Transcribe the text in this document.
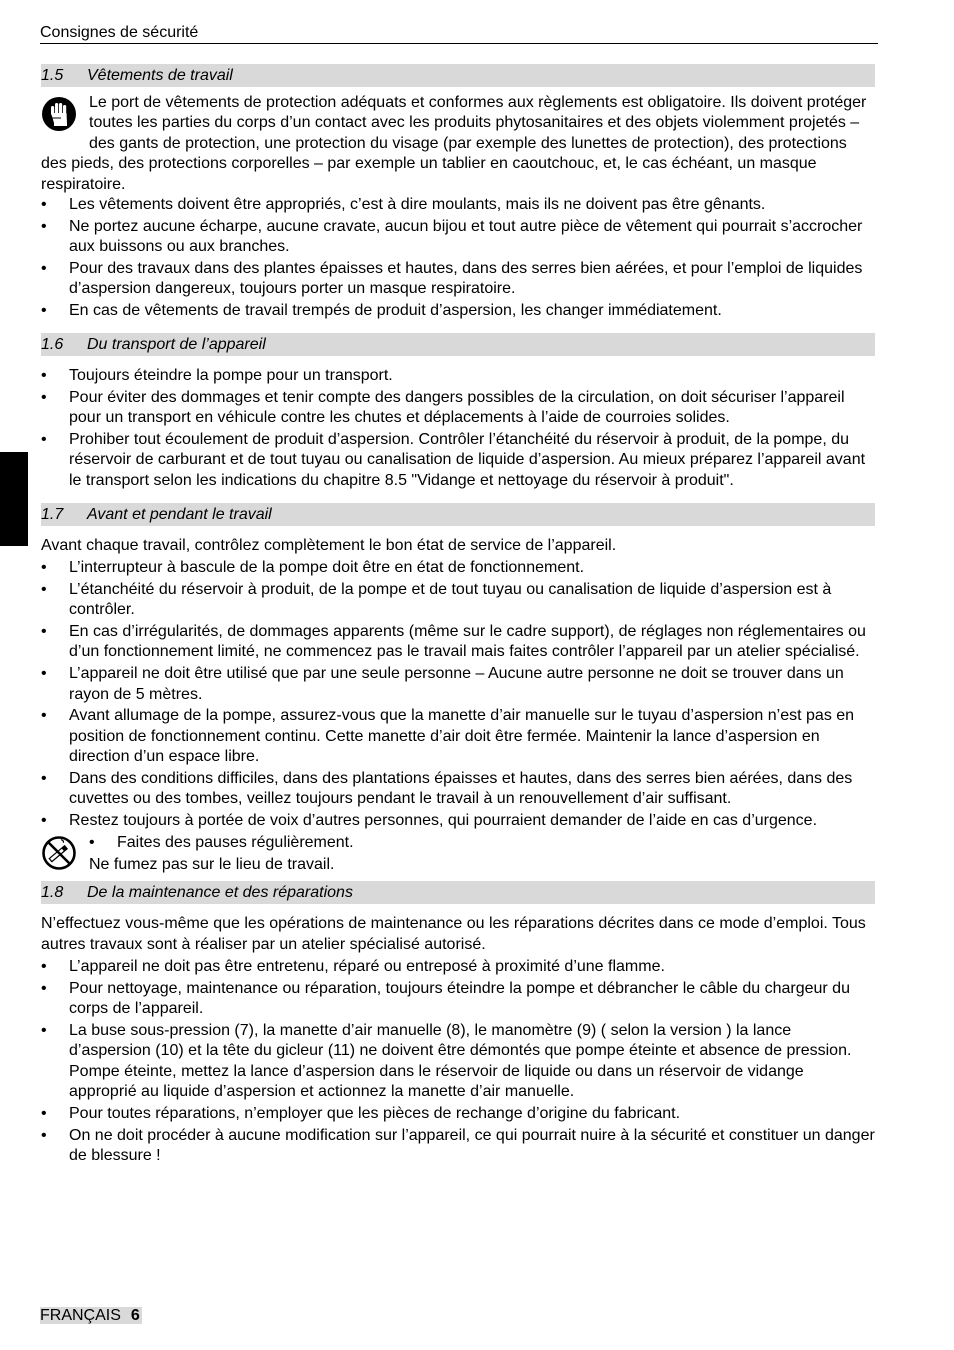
Consignes de sécurité
1.5 Vêtements de travail

Le port de vêtements de protection adéquats et conformes aux règlements est obligatoire. Ils doivent protéger toutes les parties du corps d’un contact avec les produits phytosanitaires et des objets violemment projetés – des gants de protection, une protection du visage (par exemple des lunettes de protection), des protections des pieds, des protections corporelles – par exemple un tablier en caoutchouc, et, le cas échéant, un masque respiratoire.

• Les vêtements doivent être appropriés, c’est à dire moulants, mais ils ne doivent pas être gênants.
• Ne portez aucune écharpe, aucune cravate, aucun bijou et tout autre pièce de vêtement qui pourrait s’accrocher aux buissons ou aux branches.
• Pour des travaux dans des plantes épaisses et hautes, dans des serres bien aérées, et pour l’emploi de liquides d’aspersion dangereux, toujours porter un masque respiratoire.
• En cas de vêtements de travail trempés de produit d’aspersion, les changer immédiatement.
1.6 Du transport de l’appareil
• Toujours éteindre la pompe pour un transport.
• Pour éviter des dommages et tenir compte des dangers possibles de la circulation, on doit sécuriser l’appareil pour un transport en véhicule contre les chutes et déplacements à l’aide de courroies solides.
• Prohiber tout écoulement de produit d’aspersion. Contrôler l’étanchéité du réservoir à produit, de la pompe, du réservoir de carburant et de tout tuyau ou canalisation de liquide d’aspersion. Au mieux préparez l’appareil avant le transport selon les indications du chapitre 8.5 "Vidange et nettoyage du réservoir à produit".
1.7 Avant et pendant le travail

Avant chaque travail, contrôlez complètement le bon état de service de l’appareil.

• L’interrupteur à bascule de la pompe doit être en état de fonctionnement.
• L’étanchéité du réservoir à produit, de la pompe et de tout tuyau ou canalisation de liquide d’aspersion est à contrôler.
• En cas d’irrégularités, de dommages apparents (même sur le cadre support), de réglages non réglementaires ou d’un fonctionnement limité, ne commencez pas le travail mais faites contrôler l’appareil par un atelier spécialisé.
• L’appareil ne doit être utilisé que par une seule personne – Aucune autre personne ne doit se trouver dans un rayon de 5 mètres.
• Avant allumage de la pompe, assurez-vous que la manette d’air manuelle sur le tuyau d’aspersion n’est pas en position de fonctionnement continu. Cette manette d’air doit être fermée. Maintenir la lance d’aspersion en direction d’un espace libre.
• Dans des conditions difficiles, dans des plantations épaisses et hautes, dans des serres bien aérées, dans des cuvettes ou des tombes, veillez toujours pendant le travail à un renouvellement d’air suffisant.
• Restez toujours à portée de voix d’autres personnes, qui pourraient demander de l’aide en cas d’urgence.
• Faites des pauses régulièrement.

Ne fumez pas sur le lieu de travail.

1.8 De la maintenance et des réparations

N’effectuez vous-même que les opérations de maintenance ou les réparations décrites dans ce mode d’emploi. Tous autres travaux sont à réaliser par un atelier spécialisé autorisé.

• L’appareil ne doit pas être entretenu, réparé ou entreposé à proximité d’une flamme.
• Pour nettoyage, maintenance ou réparation, toujours éteindre la pompe et débrancher le câble du chargeur du corps de l’appareil.
• La buse sous-pression (7), la manette d’air manuelle (8), le manomètre (9) ( selon la version ) la lance d’aspersion (10) et la tête du gicleur (11) ne doivent être démontés que pompe éteinte et absence de pression. Pompe éteinte, mettez la lance d’aspersion dans le réservoir de liquide ou dans un réservoir de vidange approprié au liquide d’aspersion et actionnez la manette d’air manuelle.
• Pour toutes réparations, n’employer que les pièces de rechange d’origine du fabricant.
• On ne doit procéder à aucune modification sur l’appareil, ce qui pourrait nuire à la sécurité et constituer un danger de blessure !
FRANÇAIS 6
